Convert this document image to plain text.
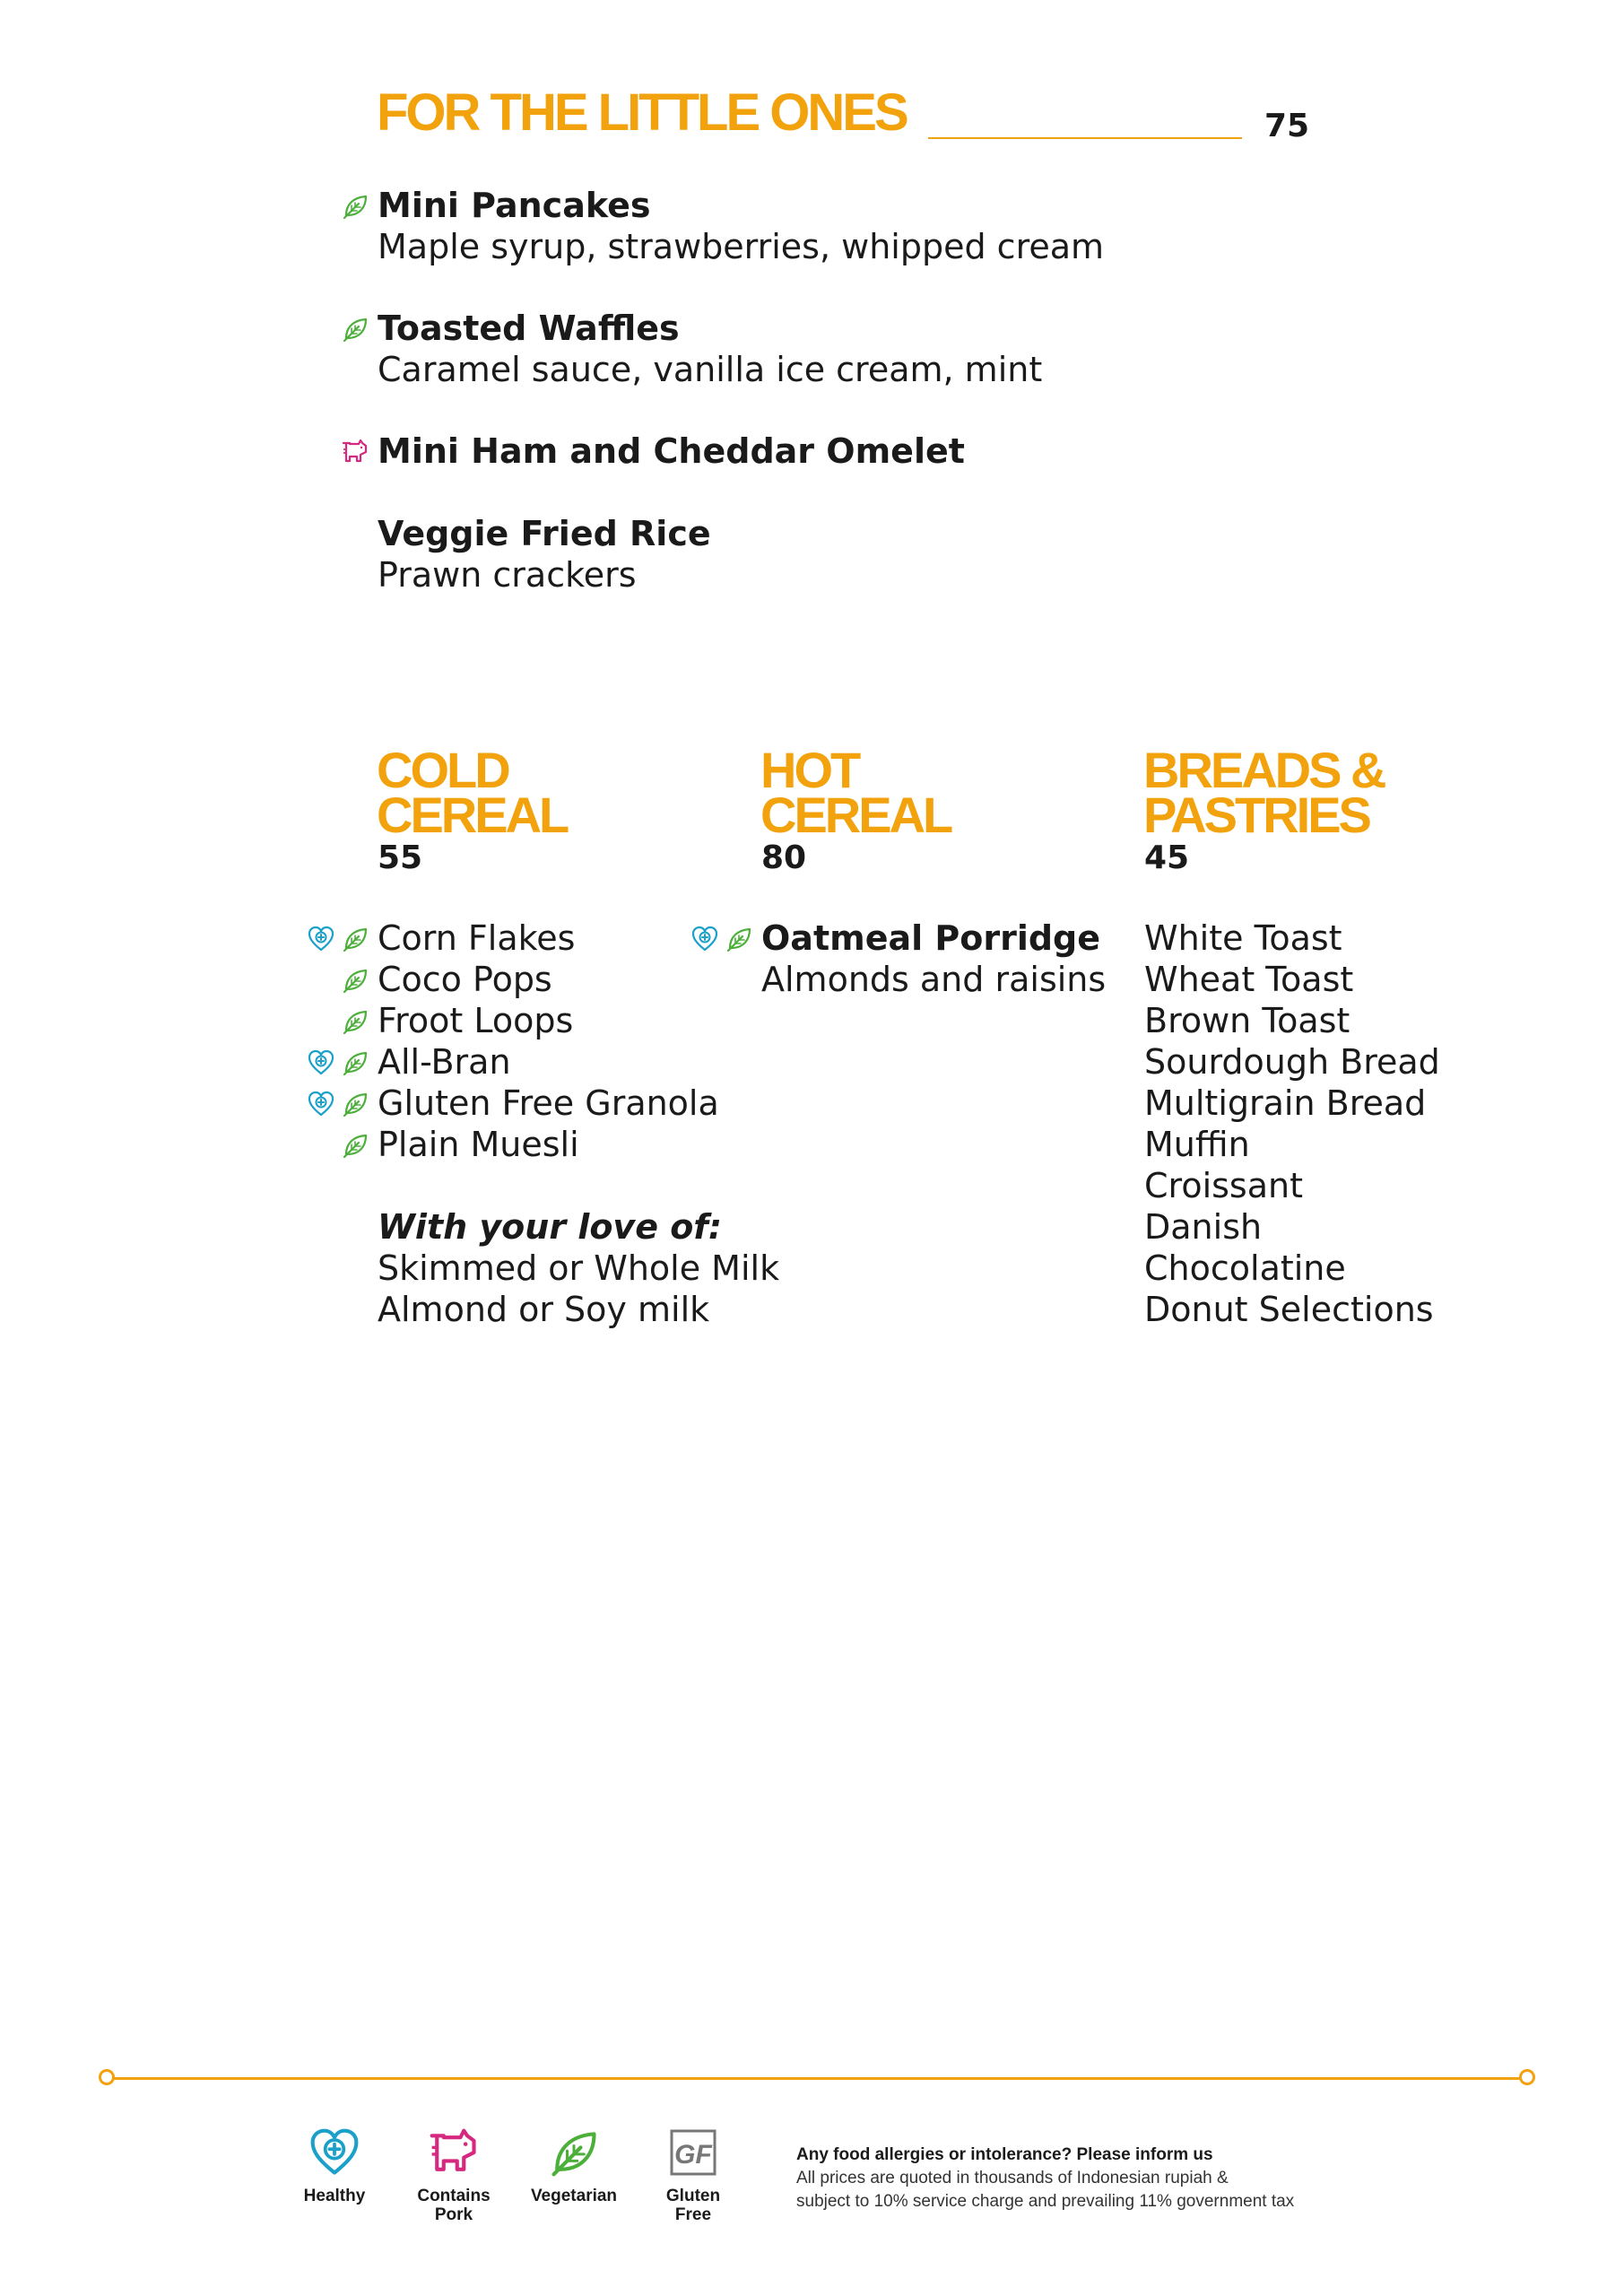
FOR THE LITTLE ONES	75

Mini Pancakes

Maple syrup, strawberries, whipped cream

Toasted Waffles

Caramel sauce, vanilla ice cream, mint

Mini Ham and Cheddar Omelet

Veggie Fried Rice

Prawn crackers

COLD
CEREAL
55

Corn Flakes

Coco Pops

Froot Loops

All-Bran

Gluten Free Granola

Plain Muesli

With your love of:

Skimmed or Whole Milk

Almond or Soy milk

HOT
CEREAL
80

Oatmeal Porridge

Almonds and raisins

BREADS &
PASTRIES
45

White Toast

Wheat Toast

Brown Toast

Sourdough Bread

Multigrain Bread

Muffin

Croissant

Danish

Chocolatine

Donut Selections

Healthy	Contains
Pork
Vegetarian	Gluten
Free
Any food allergies or intolerance? Please inform us
All prices are quoted in thousands of Indonesian rupiah &
subject to 10% service charge and prevailing 11% government tax
